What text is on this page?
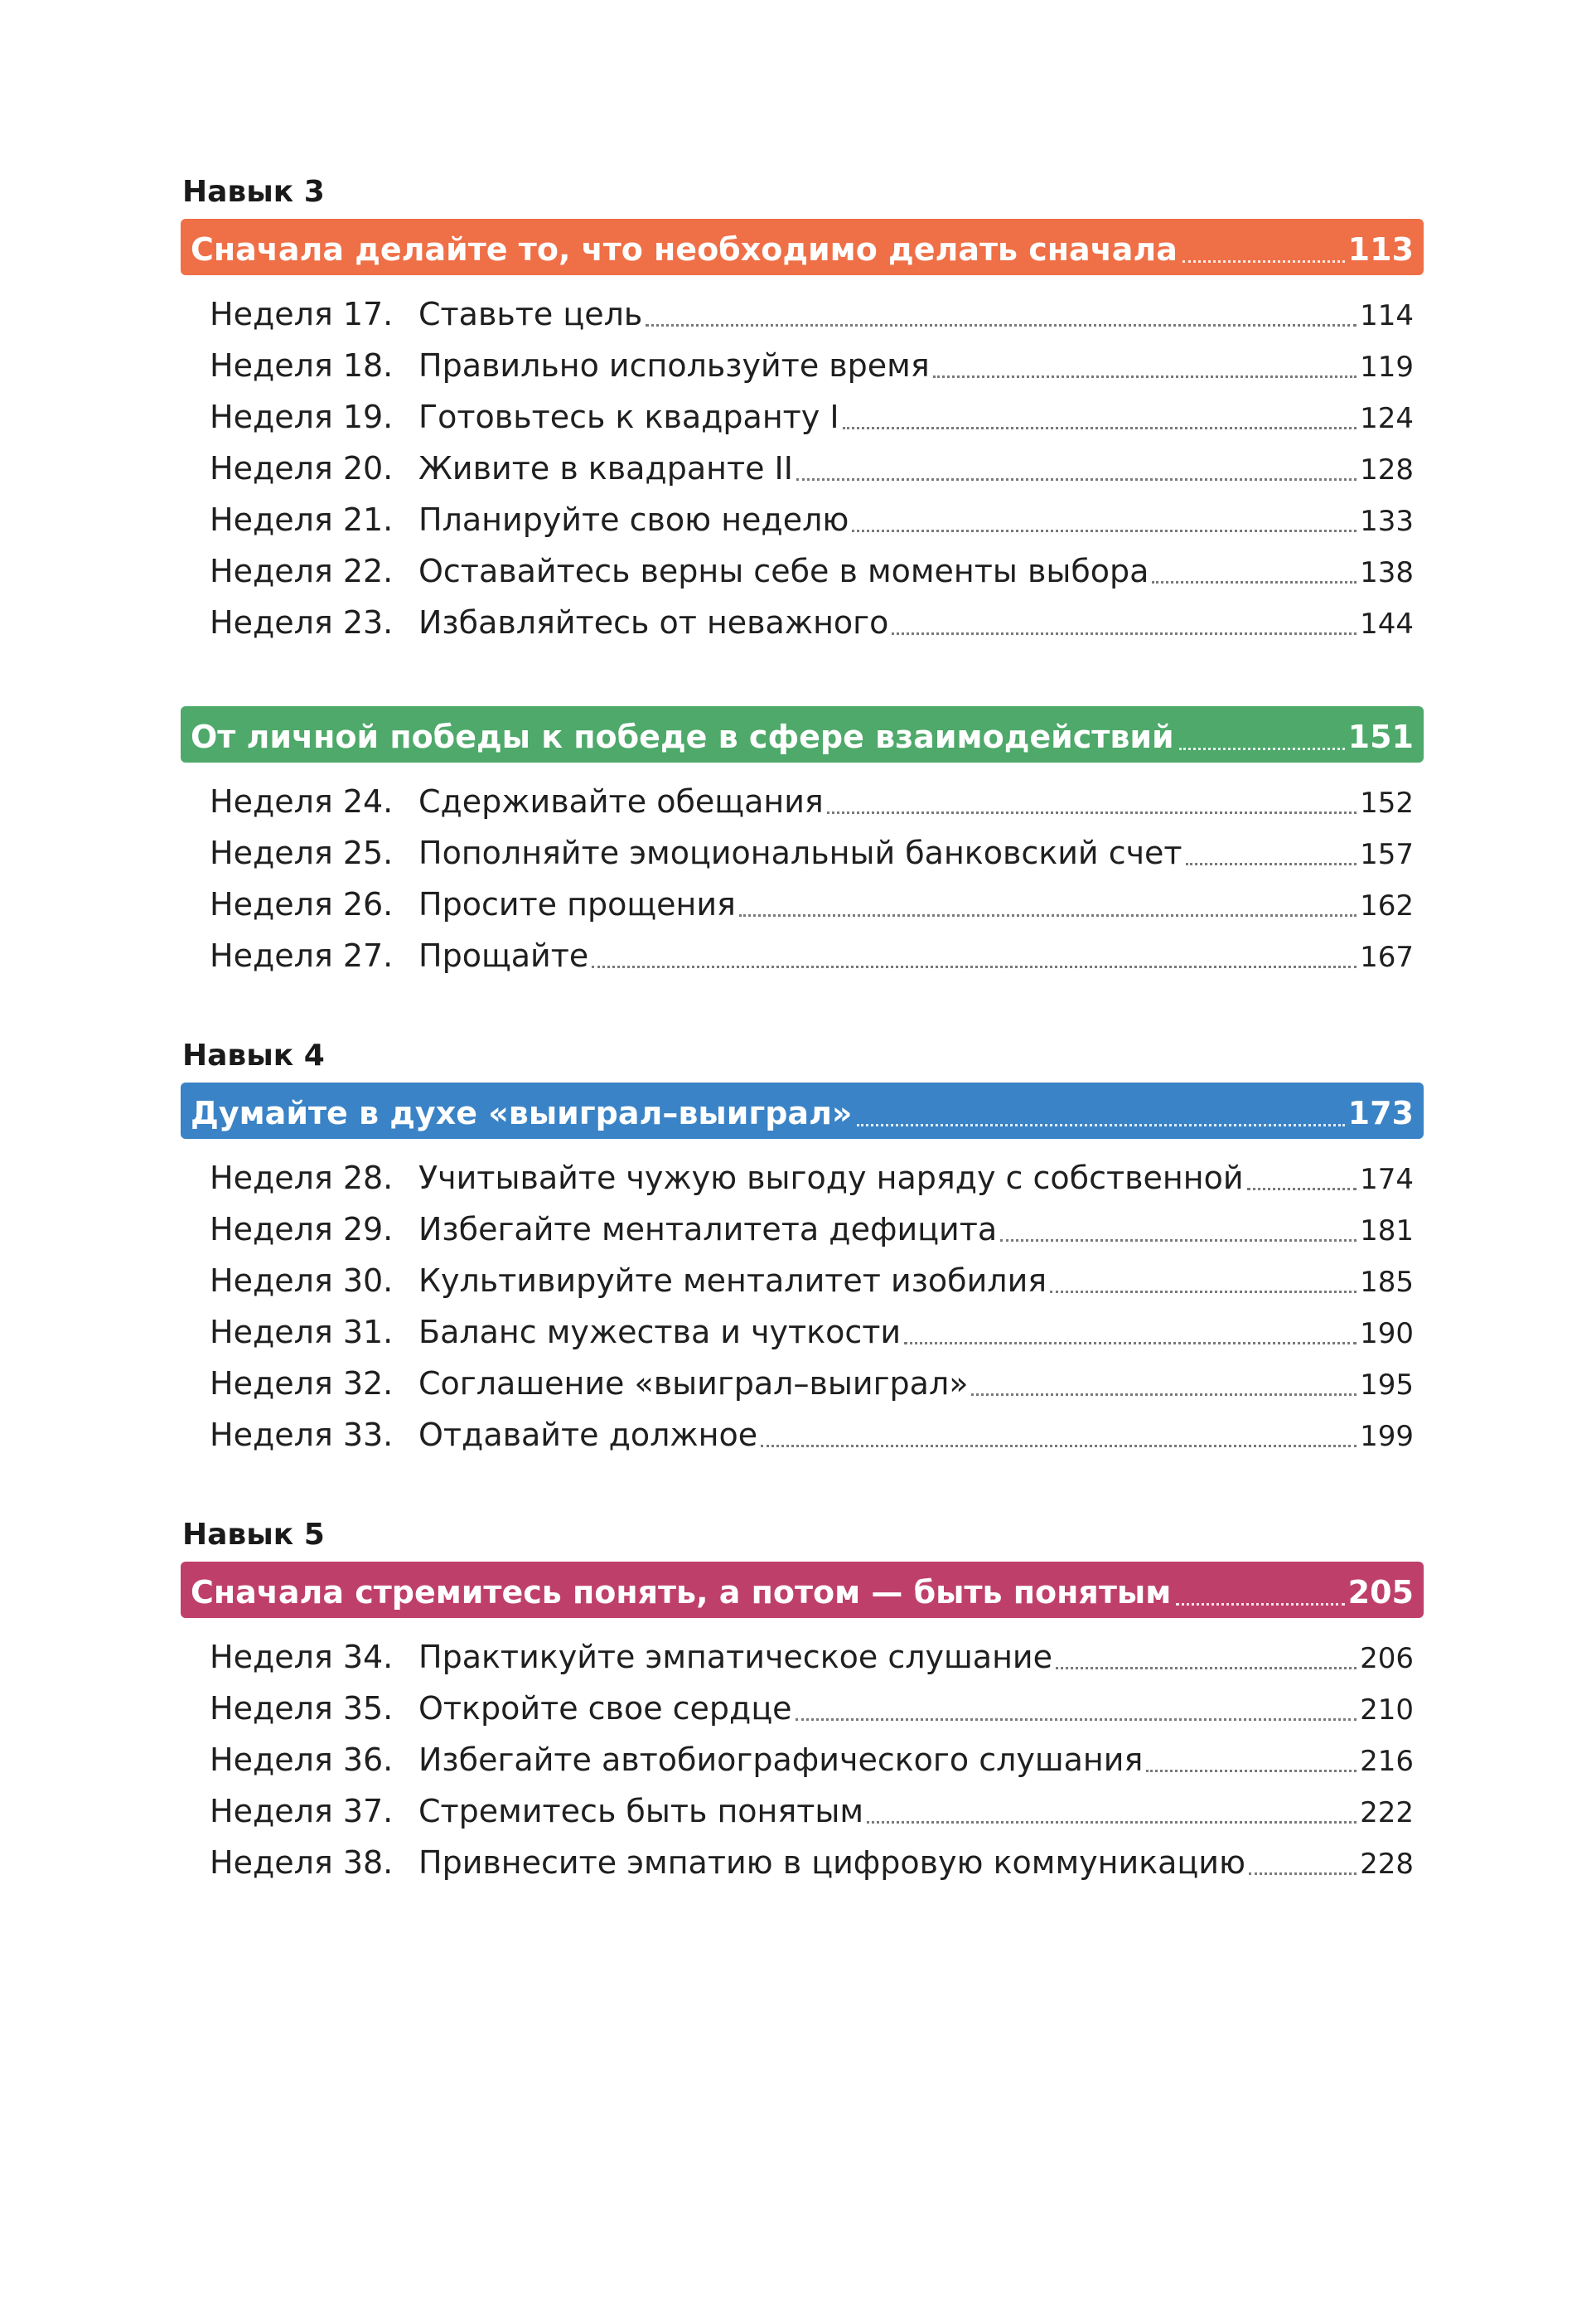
Навык 3
Сначала делайте то, что необходимо делать сначала	113
Неделя 17. Ставьте цель	114
Неделя 18. Правильно используйте время	119
Неделя 19. Готовьтесь к квадранту I	124
Неделя 20. Живите в квадранте II	128
Неделя 21. Планируйте свою неделю	133
Неделя 22. Оставайтесь верны себе в моменты выбора	138
Неделя 23. Избавляйтесь от неважного	144
От личной победы к победе в сфере взаимодействий	151
Неделя 24. Сдерживайте обещания	152
Неделя 25. Пополняйте эмоциональный банковский счет	157
Неделя 26. Просите прощения	162
Неделя 27. Прощайте	167
Навык 4
Думайте в духе «выиграл–выиграл»	173
Неделя 28. Учитывайте чужую выгоду наряду с собственной	174
Неделя 29. Избегайте менталитета дефицита	181
Неделя 30. Культивируйте менталитет изобилия	185
Неделя 31. Баланс мужества и чуткости	190
Неделя 32. Соглашение «выиграл–выиграл»	195
Неделя 33. Отдавайте должное	199
Навык 5
Сначала стремитесь понять, а потом — быть понятым	205
Неделя 34. Практикуйте эмпатическое слушание	206
Неделя 35. Откройте свое сердце	210
Неделя 36. Избегайте автобиографического слушания	216
Неделя 37. Стремитесь быть понятым	222
Неделя 38. Привнесите эмпатию в цифровую коммуникацию	228
